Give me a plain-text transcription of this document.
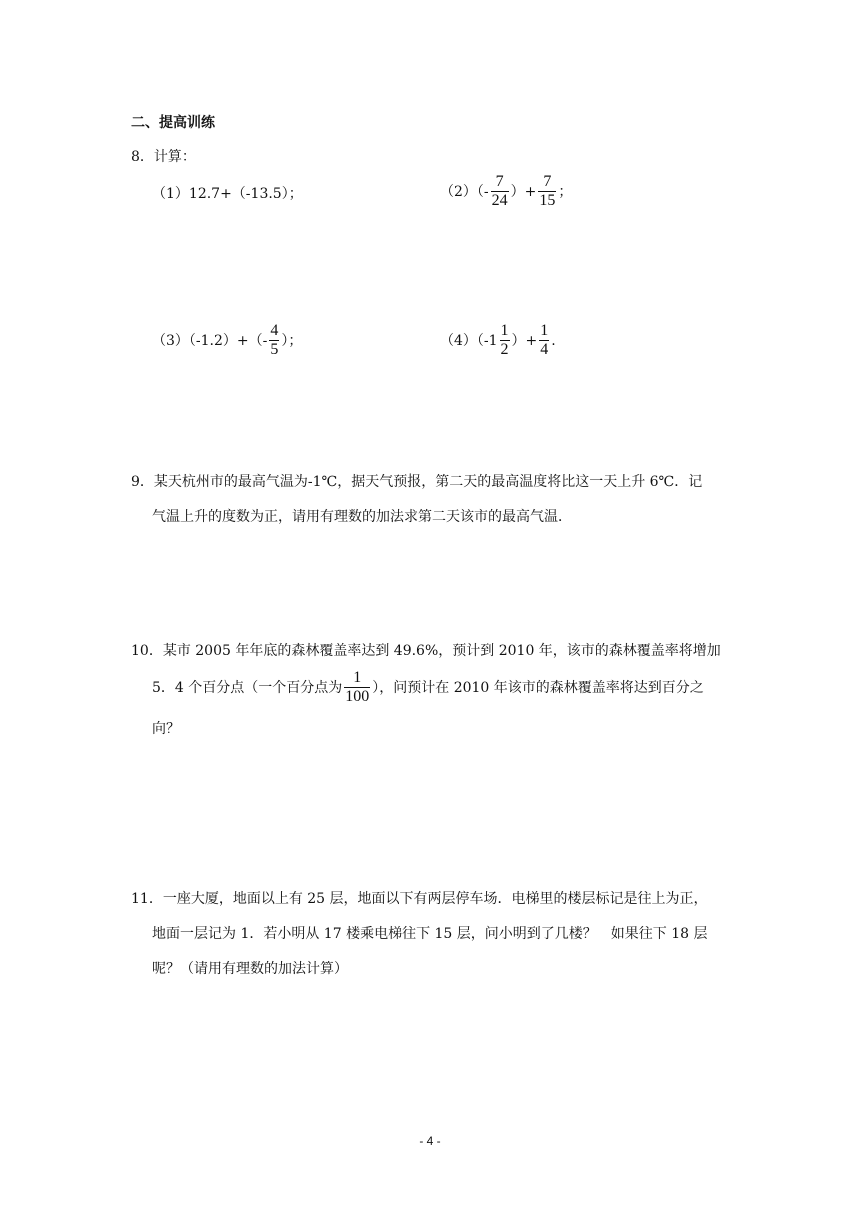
二、提高训练
8．计算：
（1）12.7+（-13.5）；	$(2)(- \frac{7}{24}$ ）+ $\frac{7}{15}$ ；
$(3)(-1.2)+(- \frac{4}{5}$ ）；	$(4)(-1 \frac{1}{2}$ ）+ $\frac{1}{4}$ .
9．某天杭州市的最高气温为-1℃，据天气预报，第二天的最高温度将比这一天上升 6℃．记
气温上升的度数为正，请用有理数的加法求第二天该市的最高气温．
10．某市 2005 年年底的森林覆盖率达到 49.6%，预计到 2010 年，该市的森林覆盖率将增加
5．4 个百分点（一个百分点为 $\frac{1}{100}$ ），问预计在 2010 年该市的森林覆盖率将达到百分之
向？
11．一座大厦，地面以上有 25 层，地面以下有两层停车场．电梯里的楼层标记是往上为正，
地面一层记为 1．若小明从 17 楼乘电梯往下 15 层，问小明到了几楼？　如果往下 18 层
呢？（请用有理数的加法计算）
- 4 -
